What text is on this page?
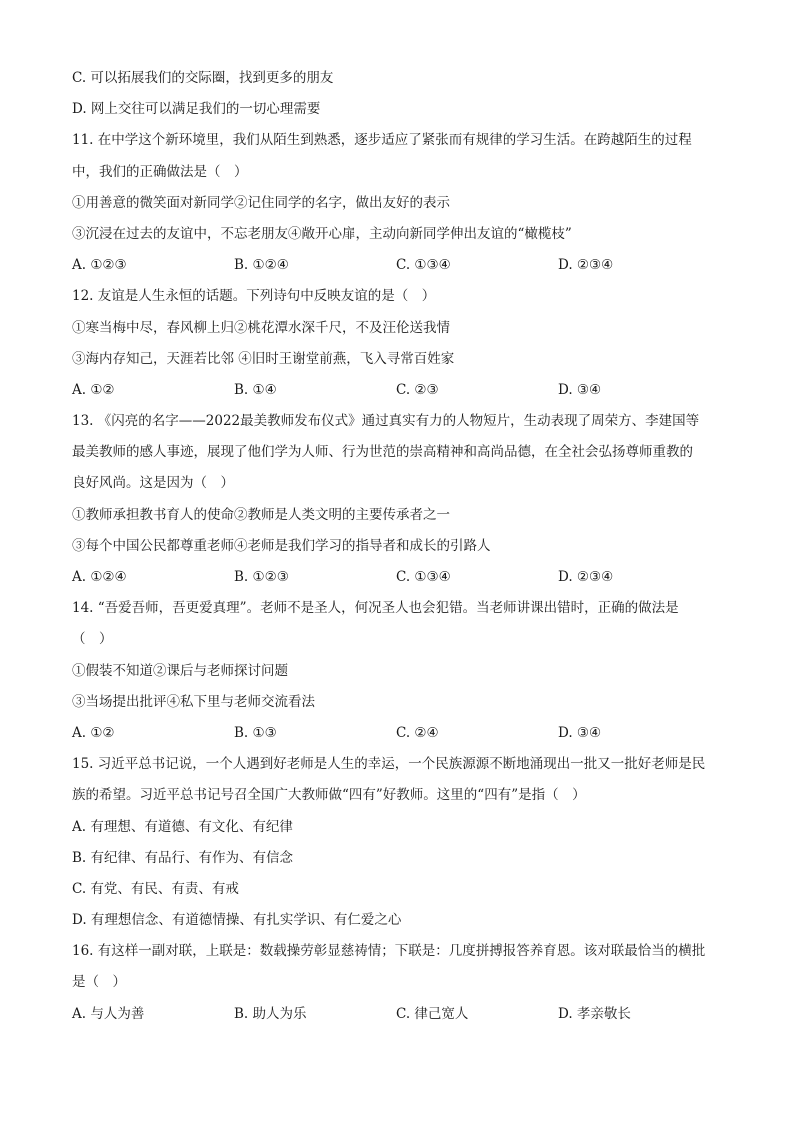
C. 可以拓展我们的交际圈，找到更多的朋友
D. 网上交往可以满足我们的一切心理需要
11. 在中学这个新环境里，我们从陌生到熟悉，逐步适应了紧张而有规律的学习生活。在跨越陌生的过程
中，我们的正确做法是（　）
①用善意的微笑面对新同学②记住同学的名字，做出友好的表示
③沉浸在过去的友谊中，不忘老朋友④敞开心扉，主动向新同学伸出友谊的“橄榄枝”
A. ①②③	B. ①②④	C. ①③④	D. ②③④
12. 友谊是人生永恒的话题。下列诗句中反映友谊的是（　）
①寒当梅中尽，春风柳上归②桃花潭水深千尺，不及汪伦送我情
③海内存知己，天涯若比邻 ④旧时王谢堂前燕，飞入寻常百姓家
A. ①②	B. ①④	C. ②③	D. ③④
13. 《闪亮的名字——2022最美教师发布仪式》通过真实有力的人物短片，生动表现了周荣方、李建国等
最美教师的感人事迹，展现了他们学为人师、行为世范的崇高精神和高尚品德，在全社会弘扬尊师重教的
良好风尚。这是因为（　）
①教师承担教书育人的使命②教师是人类文明的主要传承者之一
③每个中国公民都尊重老师④老师是我们学习的指导者和成长的引路人
A. ①②④	B. ①②③	C. ①③④	D. ②③④
14. “吾爱吾师，吾更爱真理”。老师不是圣人，何况圣人也会犯错。当老师讲课出错时，正确的做法是
（　）
①假装不知道②课后与老师探讨问题
③当场提出批评④私下里与老师交流看法
A. ①②	B. ①③	C. ②④	D. ③④
15. 习近平总书记说，一个人遇到好老师是人生的幸运，一个民族源源不断地涌现出一批又一批好老师是民
族的希望。习近平总书记号召全国广大教师做“四有”好教师。这里的“四有”是指（　）
A. 有理想、有道德、有文化、有纪律
B. 有纪律、有品行、有作为、有信念
C. 有党、有民、有责、有戒
D. 有理想信念、有道德情操、有扎实学识、有仁爱之心
16. 有这样一副对联，上联是：数载操劳彰显慈祷情；下联是：几度拼搏报答养育恩。该对联最恰当的横批
是（　）
A. 与人为善	B. 助人为乐	C. 律己宽人	D. 孝亲敬长
